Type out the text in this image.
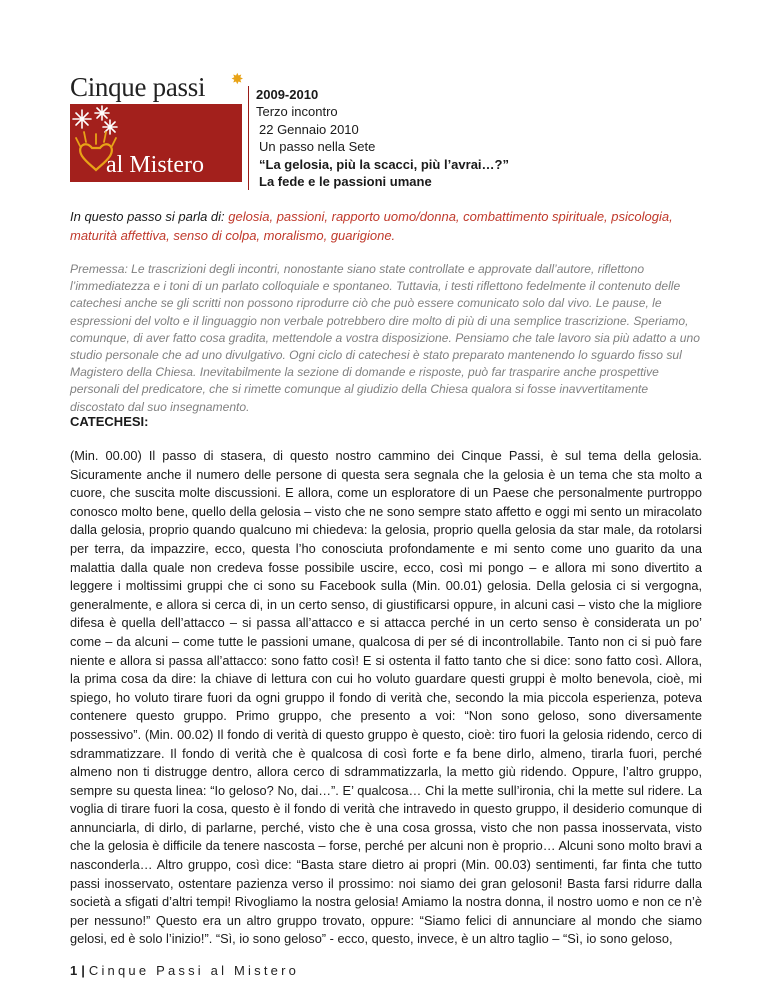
Cinque passi	✸
al Mistero
2009-2010
Terzo incontro
22 Gennaio 2010
Un passo nella Sete
“La gelosia, più la scacci, più l’avrai…?”
La fede e le passioni umane
In questo passo si parla di: gelosia, passioni, rapporto uomo/donna, combattimento spirituale, psicologia, maturità affettiva, senso di colpa, moralismo, guarigione.
Premessa: Le trascrizioni degli incontri, nonostante siano state controllate e approvate dall’autore, riflettono l’immediatezza e i toni di un parlato colloquiale e spontaneo. Tuttavia, i testi riflettono fedelmente il contenuto delle catechesi anche se gli scritti non possono riprodurre ciò che può essere comunicato solo dal vivo. Le pause, le espressioni del volto e il linguaggio non verbale potrebbero dire molto di più di una semplice trascrizione. Speriamo, comunque, di aver fatto cosa gradita, mettendole a vostra disposizione. Pensiamo che tale lavoro sia più adatto a uno studio personale che ad uno divulgativo. Ogni ciclo di catechesi è stato preparato mantenendo lo sguardo fisso sul Magistero della Chiesa. Inevitabilmente la sezione di domande e risposte, può far trasparire anche prospettive personali del predicatore, che si rimette comunque al giudizio della Chiesa qualora si fosse inavvertitamente discostato dal suo insegnamento.
CATECHESI:
(Min. 00.00) Il passo di stasera, di questo nostro cammino dei Cinque Passi, è sul tema della gelosia. Sicuramente anche il numero delle persone di questa sera segnala che la gelosia è un tema che sta molto a cuore, che suscita molte discussioni. E allora, come un esploratore di un Paese che personalmente purtroppo conosco molto bene, quello della gelosia – visto che ne sono sempre stato affetto e oggi mi sento un miracolato dalla gelosia, proprio quando qualcuno mi chiedeva: la gelosia, proprio quella gelosia da star male, da rotolarsi per terra, da impazzire, ecco, questa l’ho conosciuta profondamente e mi sento come uno guarito da una malattia dalla quale non credeva fosse possibile uscire, ecco, così mi pongo – e allora mi sono divertito a leggere i moltissimi gruppi che ci sono su Facebook sulla (Min. 00.01) gelosia. Della gelosia ci si vergogna, generalmente, e allora si cerca di, in un certo senso, di giustificarsi oppure, in alcuni casi – visto che la migliore difesa è quella dell’attacco – si passa all’attacco e si attacca perché in un certo senso è considerata un po’ come – da alcuni – come tutte le passioni umane, qualcosa di per sé di incontrollabile. Tanto non ci si può fare niente e allora si passa all’attacco: sono fatto così! E si ostenta il fatto tanto che si dice: sono fatto così. Allora, la prima cosa da dire: la chiave di lettura con cui ho voluto guardare questi gruppi è molto benevola, cioè, mi spiego, ho voluto tirare fuori da ogni gruppo il fondo di verità che, secondo la mia piccola esperienza, poteva contenere questo gruppo. Primo gruppo, che presento a voi: “Non sono geloso, sono diversamente possessivo”. (Min. 00.02) Il fondo di verità di questo gruppo è questo, cioè: tiro fuori la gelosia ridendo, cerco di sdrammatizzare. Il fondo di verità che è qualcosa di così forte e fa bene dirlo, almeno, tirarla fuori, perché almeno non ti distrugge dentro, allora cerco di sdrammatizzarla, la metto giù ridendo. Oppure, l’altro gruppo, sempre su questa linea: “Io geloso? No, dai…”. E’ qualcosa… Chi la mette sull’ironia, chi la mette sul ridere. La voglia di tirare fuori la cosa, questo è il fondo di verità che intravedo in questo gruppo, il desiderio comunque di annunciarla, di dirlo, di parlarne, perché, visto che è una cosa grossa, visto che non passa inosservata, visto che la gelosia è difficile da tenere nascosta – forse, perché per alcuni non è proprio… Alcuni sono molto bravi a nasconderla… Altro gruppo, così dice: “Basta stare dietro ai propri (Min. 00.03) sentimenti, far finta che tutto passi inosservato, ostentare pazienza verso il prossimo: noi siamo dei gran gelosoni! Basta farsi ridurre dalla società a sfigati d’altri tempi! Rivogliamo la nostra gelosia! Amiamo la nostra donna, il nostro uomo e non ce n’è per nessuno!” Questo era un altro gruppo trovato, oppure: “Siamo felici di annunciare al mondo che siamo gelosi, ed è solo l’inizio!”. “Sì, io sono geloso” - ecco, questo, invece, è un altro taglio – “Sì, io sono geloso,
1 | Cinque Passi al Mistero
